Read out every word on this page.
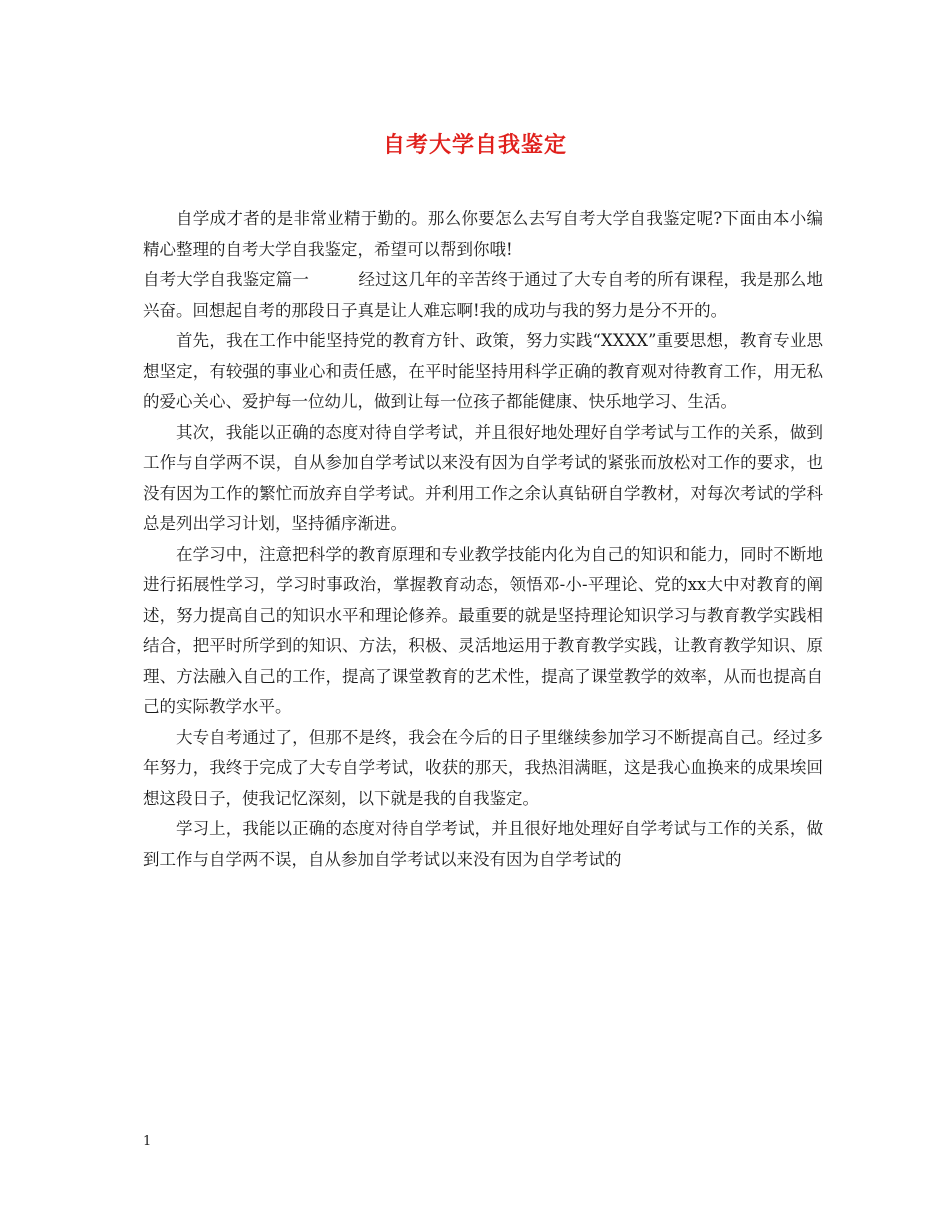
自考大学自我鉴定

自学成才者的是非常业精于勤的。那么你要怎么去写自考大学自我鉴定呢?下面由本小编精心整理的自考大学自我鉴定，希望可以帮到你哦!

自考大学自我鉴定篇一	经过这几年的辛苦终于通过了大专自考的所有课程，我是那么地兴奋。回想起自考的那段日子真是让人难忘啊!我的成功与我的努力是分不开的。

首先，我在工作中能坚持党的教育方针、政策，努力实践“XXXX”重要思想，教育专业思想坚定，有较强的事业心和责任感，在平时能坚持用科学正确的教育观对待教育工作，用无私的爱心关心、爱护每一位幼儿，做到让每一位孩子都能健康、快乐地学习、生活。

其次，我能以正确的态度对待自学考试，并且很好地处理好自学考试与工作的关系，做到工作与自学两不误，自从参加自学考试以来没有因为自学考试的紧张而放松对工作的要求，也没有因为工作的繁忙而放弃自学考试。并利用工作之余认真钻研自学教材，对每次考试的学科总是列出学习计划，坚持循序渐进。

在学习中，注意把科学的教育原理和专业教学技能内化为自己的知识和能力，同时不断地进行拓展性学习，学习时事政治，掌握教育动态，领悟邓-小-平理论、党的xx大中对教育的阐述，努力提高自己的知识水平和理论修养。最重要的就是坚持理论知识学习与教育教学实践相结合，把平时所学到的知识、方法，积极、灵活地运用于教育教学实践，让教育教学知识、原理、方法融入自己的工作，提高了课堂教育的艺术性，提高了课堂教学的效率，从而也提高自己的实际教学水平。

大专自考通过了，但那不是终，我会在今后的日子里继续参加学习不断提高自己。经过多年努力，我终于完成了大专自学考试，收获的那天，我热泪满眶，这是我心血换来的成果埃回想这段日子，使我记忆深刻，以下就是我的自我鉴定。

学习上，我能以正确的态度对待自学考试，并且很好地处理好自学考试与工作的关系，做到工作与自学两不误，自从参加自学考试以来没有因为自学考试的

1
